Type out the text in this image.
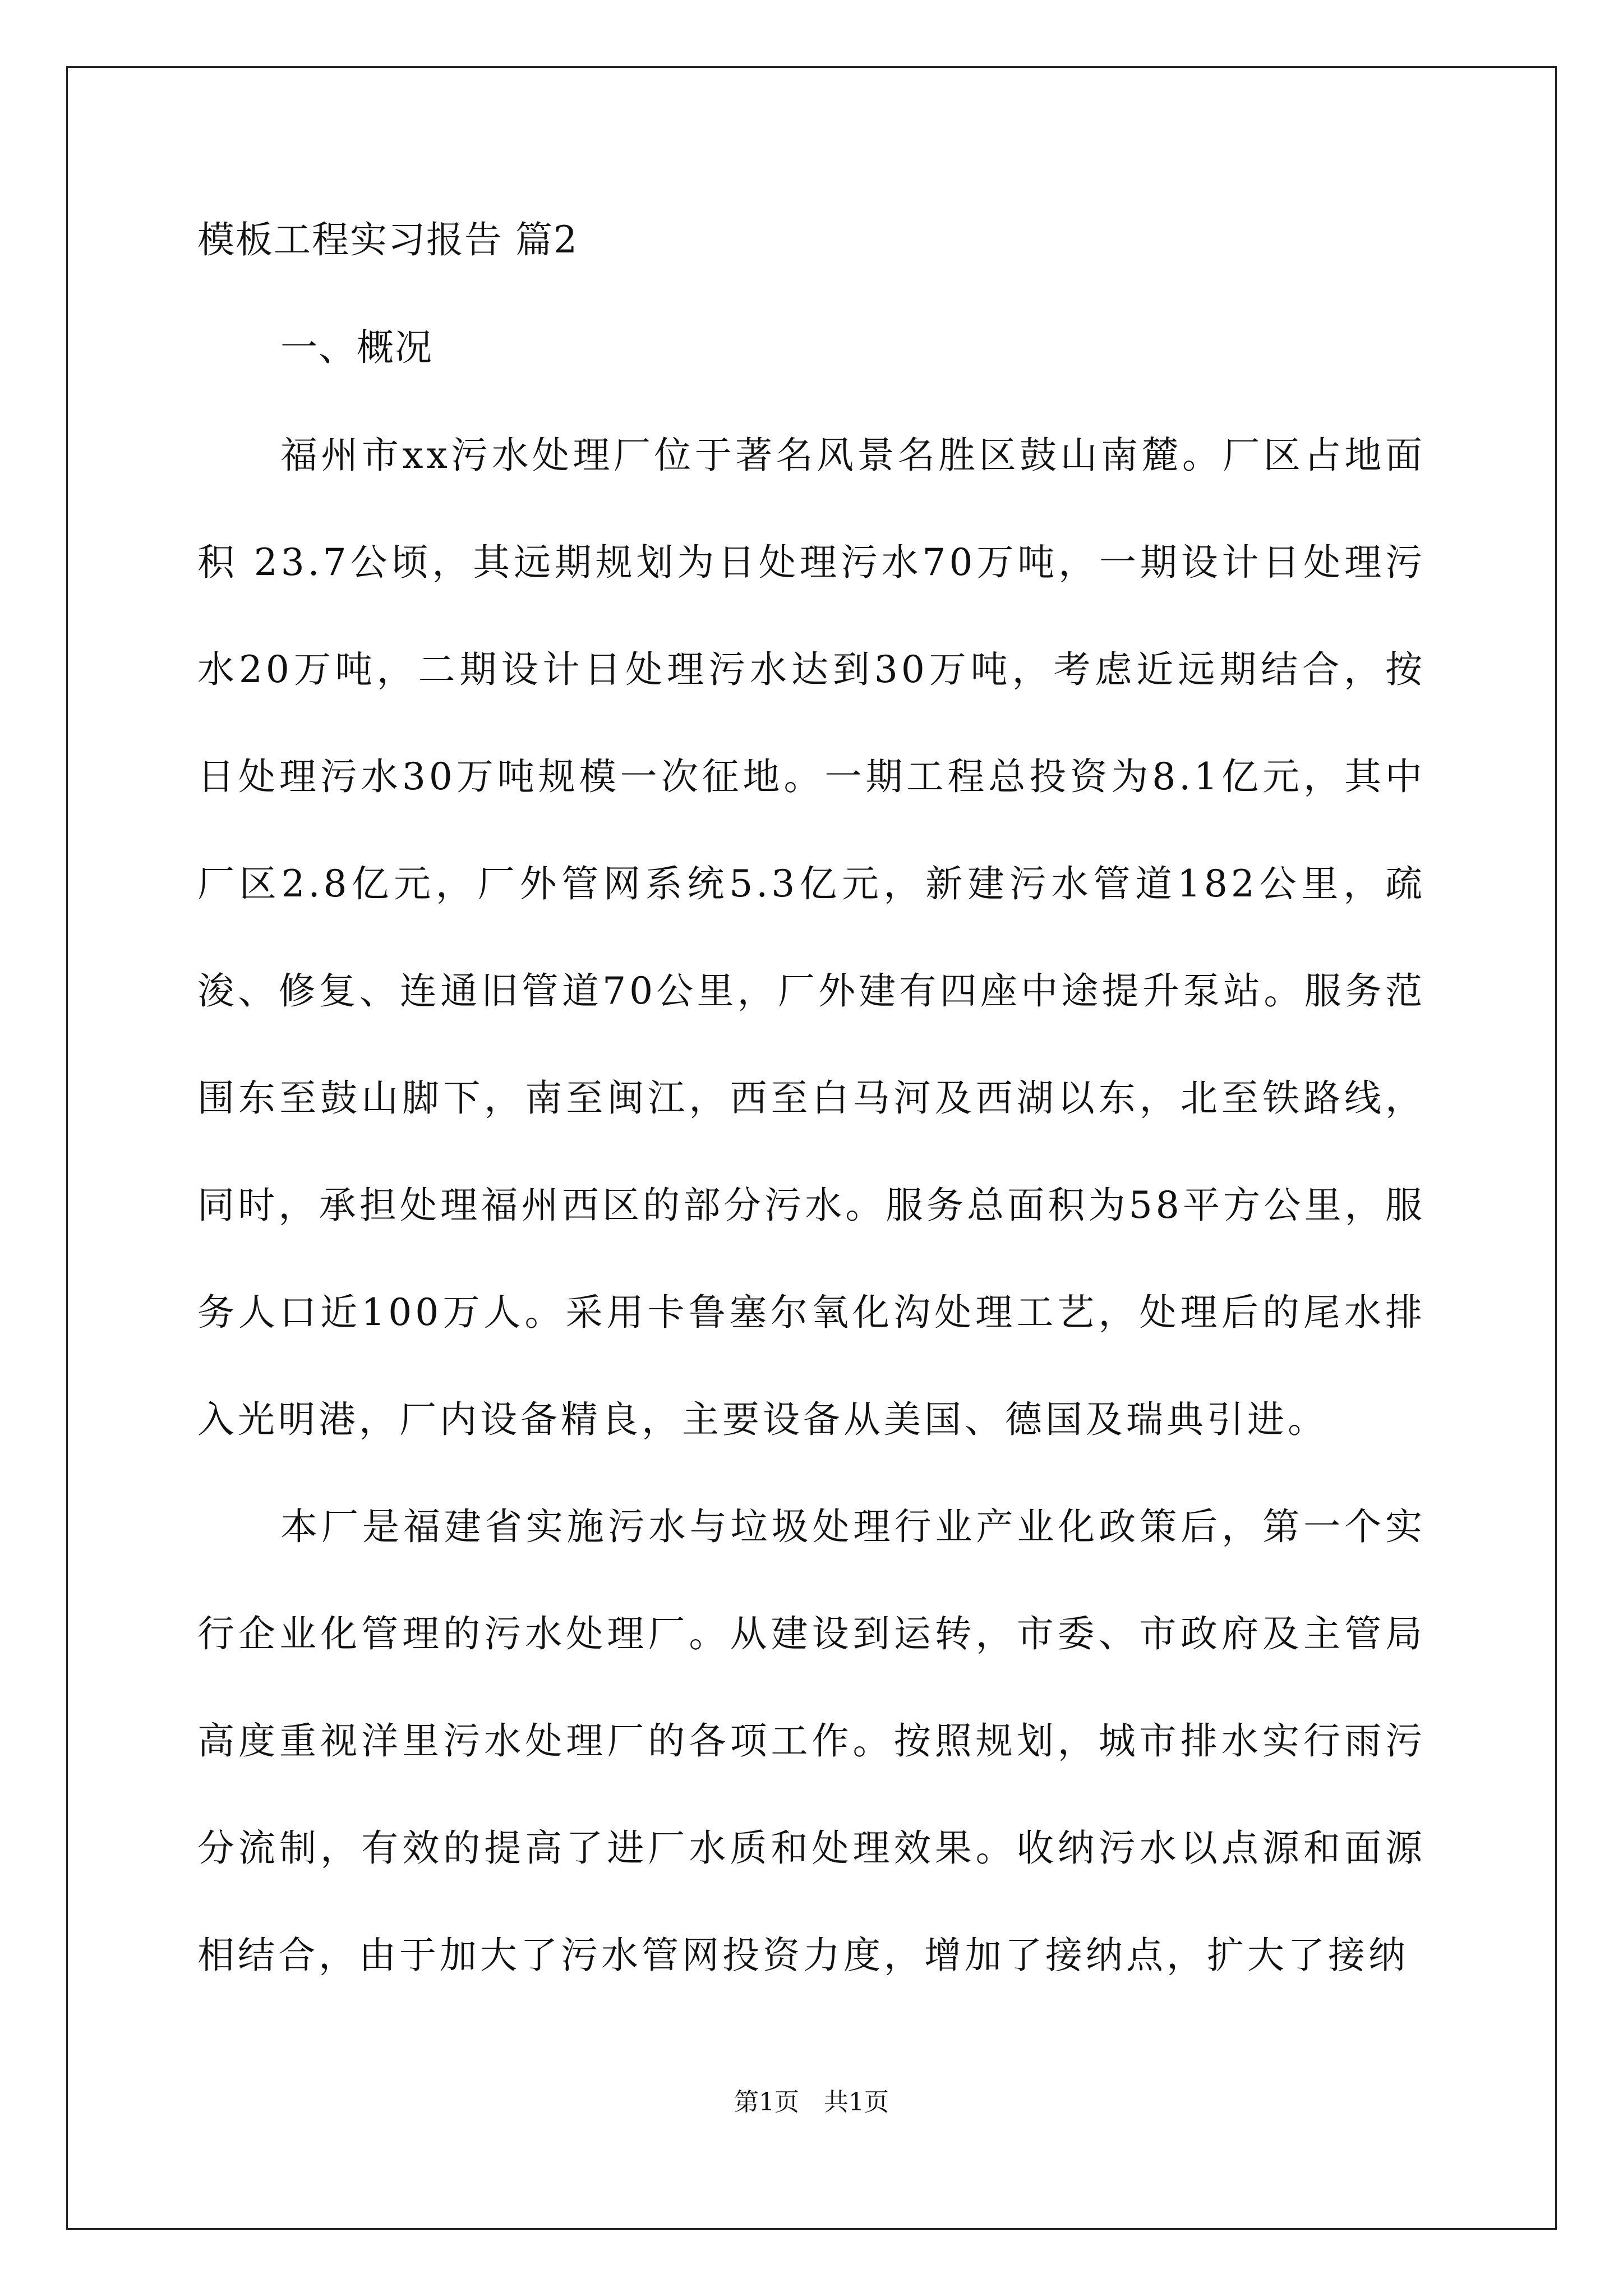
模板工程实习报告 篇2
一、概况

福州市xx污水处理厂位于著名风景名胜区鼓山南麓。厂区占地面积 23.7公顷，其远期规划为日处理污水70万吨，一期设计日处理污水20万吨，二期设计日处理污水达到30万吨，考虑近远期结合，按日处理污水30万吨规模一次征地。一期工程总投资为8.1亿元，其中厂区2.8亿元，厂外管网系统5.3亿元，新建污水管道182公里，疏浚、修复、连通旧管道70公里，厂外建有四座中途提升泵站。服务范围东至鼓山脚下，南至闽江，西至白马河及西湖以东，北至铁路线，同时，承担处理福州西区的部分污水。服务总面积为58平方公里，服务人口近100万人。采用卡鲁塞尔氧化沟处理工艺，处理后的尾水排入光明港，厂内设备精良，主要设备从美国、德国及瑞典引进。

本厂是福建省实施污水与垃圾处理行业产业化政策后，第一个实行企业化管理的污水处理厂。从建设到运转，市委、市政府及主管局高度重视洋里污水处理厂的各项工作。按照规划，城市排水实行雨污分流制，有效的提高了进厂水质和处理效果。收纳污水以点源和面源相结合，由于加大了污水管网投资力度，增加了接纳点，扩大了接纳

第1页　共1页
